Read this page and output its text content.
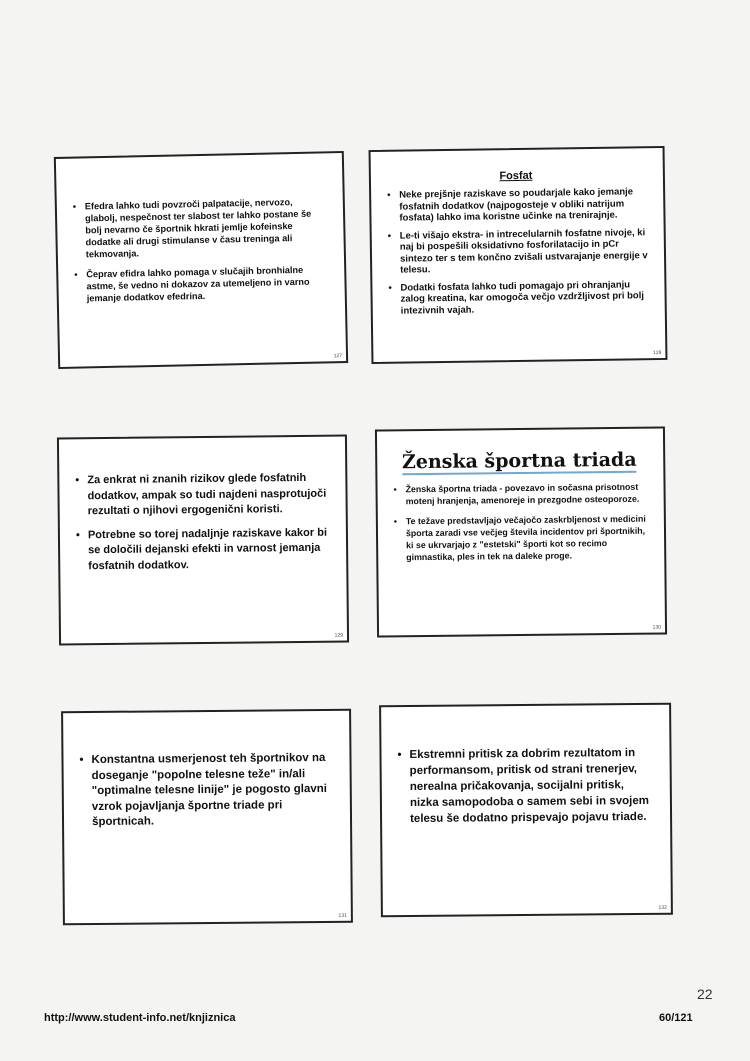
• Efedra lahko tudi povzroči palpatacije, nervozo, glabolj, nespečnost ter slabost ter lahko postane še bolj nevarno če športnik hkrati jemlje kofeinske dodatke ali drugi stimulanse v času treninga ali tekmovanja.
• Čeprav efidra lahko pomaga v slučajih bronhialne astme, še vedno ni dokazov za utemeljeno in varno jemanje dodatkov efedrina.
127
Fosfat
• Neke prejšnje raziskave so poudarjale kako jemanje fosfatnih dodatkov (najpogosteje v obliki natrijum fosfata) lahko ima koristne učinke na trenirajnje.
• Le-ti višajo ekstra- in intrecelularnih fosfatne nivoje, ki naj bi pospešili oksidativno fosforilatacijo in pCr sintezo ter s tem končno zvišali ustvarajanje energije v telesu.
• Dodatki fosfata lahko tudi pomagajo pri ohranjanju zalog kreatina, kar omogoča večjo vzdržljivost pri bolj intezivnih vajah.
128
• Za enkrat ni znanih rizikov glede fosfatnih dodatkov, ampak so tudi najdeni nasprotujoči rezultati o njihovi ergogenični koristi.
• Potrebne so torej nadaljnje raziskave kakor bi se določili dejanski efekti in varnost jemanja fosfatnih dodatkov.
129
Ženska športna triada
• Ženska športna triada - povezavo in sočasna prisotnost motenj hranjenja, amenoreje in prezgodne osteoporoze.
• Te težave predstavljajo večajočo zaskrbljenost v medicini športa zaradi vse večjeg števila incidentov pri športnikih, ki se ukrvarjajo z "estetski" športi kot so recimo gimnastika, ples in tek na daleke proge.
130
• Konstantna usmerjenost teh športnikov na doseganje "popolne telesne teže" in/ali "optimalne telesne linije" je pogosto glavni vzrok pojavljanja športne triade pri športnicah.
131
• Ekstremni pritisk za dobrim rezultatom in performansom, pritisk od strani trenerjev, nerealna pričakovanja, socijalni pritisk, nizka samopodoba o samem sebi in svojem telesu še dodatno prispevajo pojavu triade.
132
22
http://www.student-info.net/knjiznica	60/121
